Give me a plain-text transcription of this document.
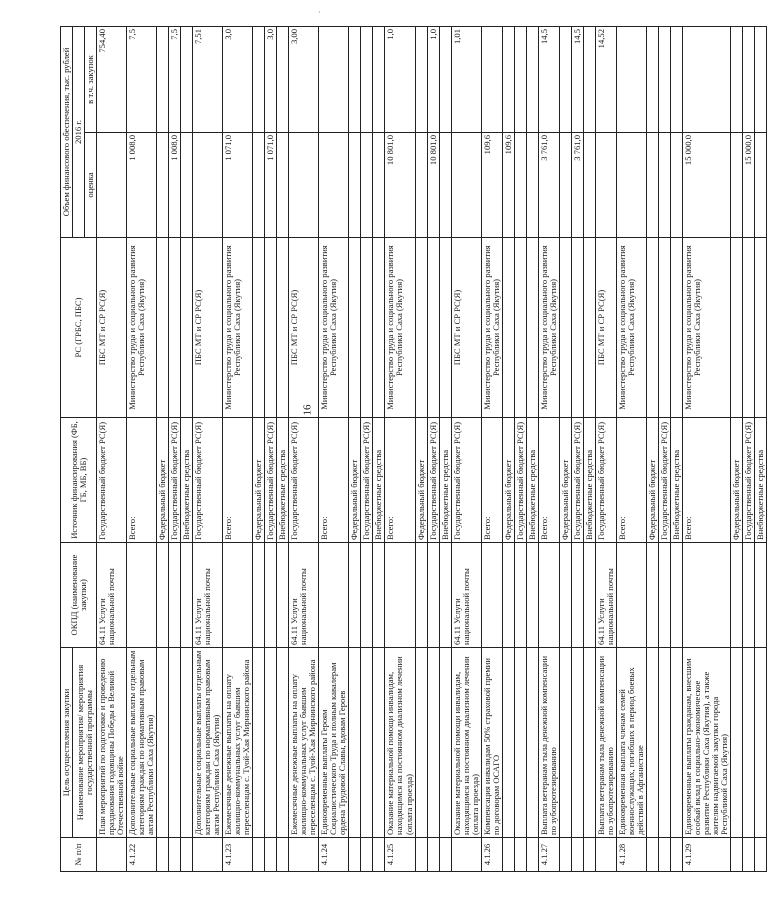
·
16
№ п/п	Цель осуществления закупки	ОКПД (наименование закупки)	Источник финансирования (ФБ, ГБ, МБ, ВБ)	РС (ГРБС, ПБС)	Объем финансового обеспечения, тыс. рублей	
	Наименование мероприятия/ мероприятия государственной программы				2016 г.	
					оценка	в т.ч. закупок
	План мероприятий по подготовке и проведению празднования годовщины Победы в Великой Отечественной войне	64.11 Услуги национальной почты	Государственный бюджет РС(Я)	ПБС МТ и СР РС(Я)		754,40
4.1.22	Дополнительные социальные выплаты отдельным категориям граждан по нормативным правовым актам Республики Саха (Якутия)		Всего:	Министерство труда и социального развития Республики Саха (Якутия)	1 008,0	7,5
			Федеральный бюджет			
			Государственный бюджет РС(Я)		1 008,0	7,5
			Внебюджетные средства			
	Дополнительные социальные выплаты отдельным категориям граждан по нормативным правовым актам Республики Саха (Якутия)	64.11 Услуги национальной почты	Государственный бюджет РС(Я)	ПБС МТ и СР РС(Я)		7,51
4.1.23	Ежемесячные денежные выплаты на оплату жилищно-коммунальных услуг бывшим переселенцам с. Туой-Хая Мирнинского района		Всего:	Министерство труда и социального развития Республики Саха (Якутия)	1 071,0	3,0
			Федеральный бюджет			
			Государственный бюджет РС(Я)		1 071,0	3,0
			Внебюджетные средства			
	Ежемесячные денежные выплаты на оплату жилищно-коммунальных услуг бывшим переселенцам с. Туой-Хая Мирнинского района	64.11 Услуги национальной почты	Государственный бюджет РС(Я)	ПБС МТ и СР РС(Я)		3,00
4.1.24	Единовременные выплаты Героям Социалистического Труда и полным кавалерам ордена Трудовой Славы, вдовам Героев		Всего:	Министерство труда и социального развития Республики Саха (Якутия)		
			Федеральный бюджет			
			Государственный бюджет РС(Я)			
			Внебюджетные средства			
4.1.25	Оказание материальной помощи инвалидам, находящимся на постоянном диализном лечении (оплата проезда)		Всего:	Министерство труда и социального развития Республики Саха (Якутия)	10 801,0	1,0
			Федеральный бюджет			
			Государственный бюджет РС(Я)		10 801,0	1,0
			Внебюджетные средства			
	Оказание материальной помощи инвалидам, находящимся на постоянном диализном лечении (оплата проезда)	64.11 Услуги национальной почты	Государственный бюджет РС(Я)	ПБС МТ и СР РС(Я)		1,01
4.1.26	Компенсация инвалидам 50% страховой премии по договорам ОСАГО		Всего:	Министерство труда и социального развития Республики Саха (Якутия)	109,6	
			Федеральный бюджет		109,6	
			Государственный бюджет РС(Я)			
			Внебюджетные средства			
4.1.27	Выплата ветеранам тыла денежной компенсации по зубопротезированию		Всего:	Министерство труда и социального развития Республики Саха (Якутия)	3 761,0	14,5
			Федеральный бюджет			
			Государственный бюджет РС(Я)		3 761,0	14,5
			Внебюджетные средства			
	Выплата ветеранам тыла денежной компенсации по зубопротезированию	64.11 Услуги национальной почты	Государственный бюджет РС(Я)	ПБС МТ и СР РС(Я)		14,52
4.1.28	Единовременная выплата членам семей военнослужащих, погибших в период боевых действий в Афганистане		Всего:	Министерство труда и социального развития Республики Саха (Якутия)		
			Федеральный бюджет			
			Государственный бюджет РС(Я)			
			Внебюджетные средства			
4.1.29	Единовременные выплаты гражданам, внесшим особый вклад в социально-экономическое развитие Республики Саха (Якутия), а также жителям надвигаемой закупки города Республикой Саха (Якутия)		Всего:	Министерство труда и социального развития Республики Саха (Якутия)	15 000,0	
			Федеральный бюджет			
			Государственный бюджет РС(Я)		15 000,0	
			Внебюджетные средства			
